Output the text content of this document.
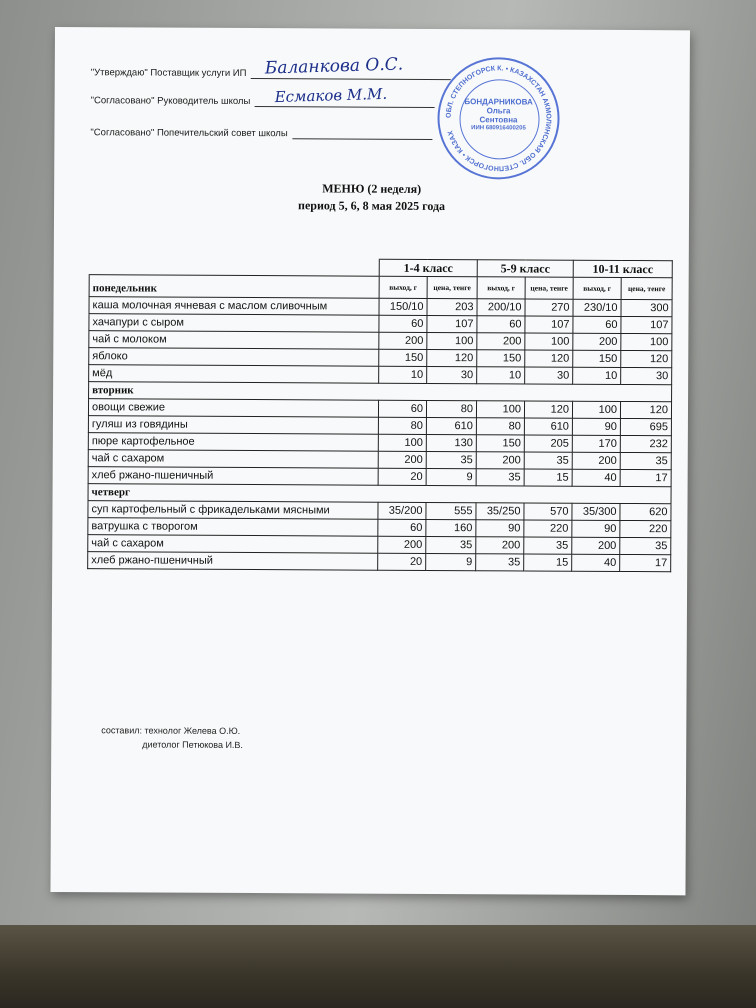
"Утверждаю" Поставщик услуги ИП	Баланкова О.С.
"Согласовано" Руководитель школы	Есмаков М.М.
"Согласовано" Попечительский совет школы
ОБЛ. СТЕПНОГОРСК К. • КАЗАХСТАН АКМОЛИНСКАЯ ОБЛ. СТЕПНОГОРСК • КАЗАХ
БОНДАРНИКОВА
Ольга
Сентовна
ИИН 680916400205
МЕНЮ (2 неделя)
период 5, 6, 8 мая 2025 года
	1-4 класс		5-9 класс		10-11 класс	
понедельник	выход, г	цена, тенге	выход, г	цена, тенге	выход, г	цена, тенге
каша молочная ячневая с маслом сливочным	150/10	203	200/10	270	230/10	300
хачапури с сыром	60	107	60	107	60	107
чай с молоком	200	100	200	100	200	100
яблоко	150	120	150	120	150	120
мёд	10	30	10	30	10	30
вторник						
овощи свежие	60	80	100	120	100	120
гуляш из говядины	80	610	80	610	90	695
пюре картофельное	100	130	150	205	170	232
чай с сахаром	200	35	200	35	200	35
хлеб ржано-пшеничный	20	9	35	15	40	17
четверг						
суп картофельный с фрикадельками мясными	35/200	555	35/250	570	35/300	620
ватрушка с творогом	60	160	90	220	90	220
чай с сахаром	200	35	200	35	200	35
хлеб ржано-пшеничный	20	9	35	15	40	17
составил: технолог Желева О.Ю.
диетолог Петюкова И.В.
